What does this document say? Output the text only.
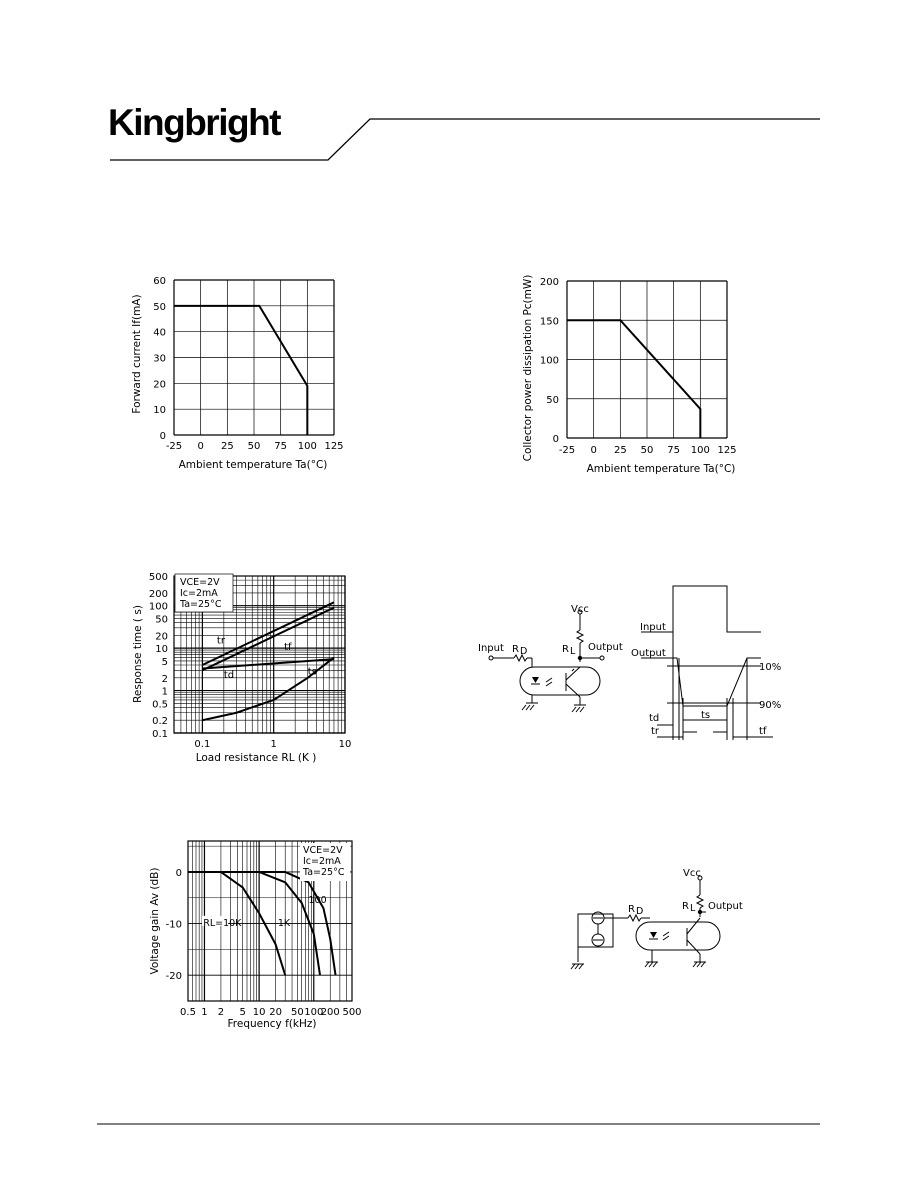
Kingbright
Forward current If(mA)
Ambient temperature Ta(°C)
-25 0 25 50 75 100 125
0
10
20
30
40
50
60	Collector power dissipation Pc(mW)
Ambient temperature Ta(°C)
-25 0 25 50 75 100 125
0
50
100
150
200
Response time ( s)
Load resistance RL (K )
0.1	1	10
0.1
0.2
0.5
1
2
5
10
20
50
100
200
500
tr
tf
td	ts
VCE=2V
Ic=2mA
Ta=25°C
Voltage gain Av (dB)
Frequency f(kHz)
0.5 1 2 5 10 20 50 100
200 500
0
-10
-20
RL=10K	1K
100
VCE=2V
Ic=2mA
Ta=25°C
Vcc
Input R D	R L Output
Input
Output
10%
90%
td
tr
ts
tf
Vcc
R D	R L Output
